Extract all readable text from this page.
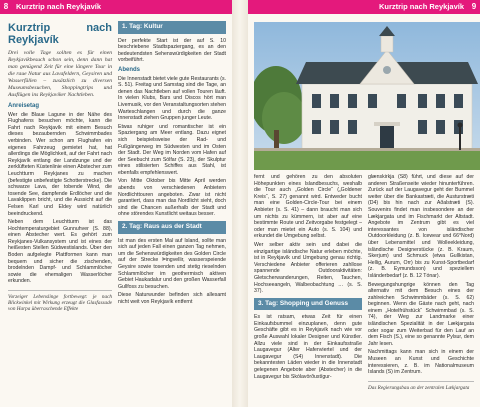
8	Kurztrip nach Reykjavík	Kurztrip nach Reykjavík 9
Kurztrip nach Reykjavík
Drei volle Tage sollten es für einen Reykjavíkbesuch schon sein, denn dann hat man genügend Zeit für eine längere Tour in die raue Natur aus Lavafeldern, Geysiren und Wasserfällen – zusätzlich zu diversen Museumsbesuchen, Shoppingtrips und Ausflügen ins Reykjavíker Nachtleben.
Anreisetag

Wer die Blaue Lagune in der Nähe des Flughafens besuchen möchte, kann die Fahrt nach Reykjavík mit einem Besuch dieses bezaubernden Schwimmbades verbinden. Wer schon am Flughafen ein eigenes Fahrzeug gemietet hat, hat allerdings die Möglichkeit, auf der Fahrt nach Reykjavík entlang der Landzunge und der zerklüfteten Küstenlinie einen Abstecher zum Leuchtturm Reykjanes zu machen (befestigte unbefestigte Schotterstrecke). Die schwarze Lava, der tobende Wind, die tosende See, dampfende Erdlöcher und die Lavaklippen bricht, und die Aussicht auf die Felsen Karl und Eldey wird natürlich beeindruckend.

Neben dem Leuchtturm ist das Hochtemperaturgebiet Gunnuhver (S. 88), einen Abstecher wert. Es gehört zum Reykjanes-Vulkansystem und ist eines der heißesten Stellen Südwestislands. Über den Boden aufgelegte Plattformen kann man bequem und sicher die zischenden, brodelnden Dampf- und Schlammlöcher sowie die ehemaligen Wasserlöcher erkunden.

Vorzeiger Lebenslinge fortbewegt: je nach Blickwinkel mit Wirkung erzeugt die Glasfassade von Harpa überraschende Effekte
1. Tag: Kultur

Der perfekte Start ist der auf S. 10 beschriebene Stadtspaziergang, es an den bedeutendsten Sehenswürdigkeiten der Stadt vorbeiführt.

Abends

Die Innenstadt bietet viele gute Restaurants (s. S. 51). Freitag und Samstag sind die Tage, an denen das Nachtleben auf vollen Touren läuft. In vielen Klubs, Bars und Discos hört man Livemusik, vor den Veranstaltungsorten stehen Warteschlangen und durch die ganze Innenstadt ziehen Gruppen junger Leute.

Etwas ruhiger und romantischer ist ein Spaziergang am Meer entlang. Dazu eignet sich beispielsweise der Rad- und Fußgängerweg im Südwesten und im Osten der Stadt. Der Weg im Norden vom Hafen auf der Seebucht zum Sólfar (S. 23), der Skulptur eines stilisierten Schiffes aus Stahl, ist ebenfalls empfehlenswert.

Von Mitte Oktober bis Mitte April werden abends von verschiedenen Anbietern Nordlichttouren angeboten. Zwar ist nicht garantiert, dass man das Nordlicht sieht, doch sind die Chancen außerhalb der Stadt und ohne störendes Kunstlicht weitaus besser.

2. Tag: Raus aus der Stadt

Ist man des ersten Mal auf Island, sollte man sich auf jeden Fall einen ganzen Tag nehmen, um die Sehenswürdigkeiten des Golden Circle auf der Strecke Þingvellir, wasserspeiende Geysire sowie tosenden und stetig rieselnden Schlammlöcher im geothermisch aktiven Gebiet Haukadalur und den großen Wasserfall Gullfoss zu besuchen.

Diese Naturwunder befinden sich allesamt nicht weit von Reykjavík entfernt

fernt und gehören zu den absoluten Höhepunkten eines Islandbesuchs, weshalb die Tour auch „Golden Circle“ („Goldener Kreis“, S. 27) genannt wird. Entweder bucht man eine Golden-Circle-Tour bei einem Anbieter (s. S. 41) – dann braucht man sich um nichts zu kümmern, ist aber auf eine bestimmte Route und Zeitvorgabe festgelegt – oder man mietet ein Auto (s. S. 104) und erkundet die Umgebung selbst.

Wer selber aktiv sein und dabei die einzigartige isländische Natur erleben möchte, ist in Reykjavík und Umgebung genau richtig. Verschiedene Anbieter offerieren zahllose spannende Outdooraktivitäten: Gletscherwanderungen, Reiten, Tauchen, Hochseeangeln, Walbeobachtung … (s. S. 37).

3. Tag: Shopping und Genuss

Es ist ratsam, etwas Zeit für einen Einkaufsbummel einzuplanen, denn gute Geschäfte gibt es in Reykjavík nach wie vor große Auswahl lokaler Designer und Künstler. Allzu viele sind in der Einkaufsstraße Laugavegur (Alter Hafenviertel und der Laugavegur (S4) Innenstadt). Die bekanntesten Läden wieder in die Innenstadt gelegenen Angebote aber (Abstecher) in die Laugavegur bis Skólavörðustígur-

glænskirkja (S8) führt, und diese auf der anderen Straßenseite wieder hinunterführen. Zurück auf der Laugavegur geht der Bummel weiter über die Bankastræti, die Austurstræti (D4) bis hin nach zur Aðalstræti (S). Souvenirs findet man insbesondere an der Lækjargata und im Fischmarkt der Altstadt. Angebote im Zentrum gibt es viel interessantes von isländischer Outdoorkleidung (z. B. Icewear und 66°Nord) über Lebensmittel und Wolleekleidung, isländische Designerstücke (z. B. Kraum, Skerjum) und Schmuck (etwa Gullkistan, Hellig, Aurum, Orr) bis zu Kunst-Sportbedarf (z. B. Eymundsson) und speziellem Isländerbedarf (z. B. 12 Tónar).

Bewegungshungrige können den Tag alternativ mit dem Besuch eines der zahlreichen Schwimmbäder (s. S. 62) beginnen. Wenn die Gäste nach geht, nach einem „Hotelfrühstück“ Schwimmbad (s. S. 74), der Weg zur Landmarke einer isländischen Spezialität in der Lækjargata oder sogar zum Weiterbad für den Lauf an dem Fisch (S.), eine so genannte Pylsur, dem Jahr lesen.

Nachmittags kann man sich in einem der Museen an Kunst und Geschichte interessieren, z. B. im Nationalmuseum Islands (S) im Zentrum.

Das Regierungsbau an der zentralen Lækjargata
